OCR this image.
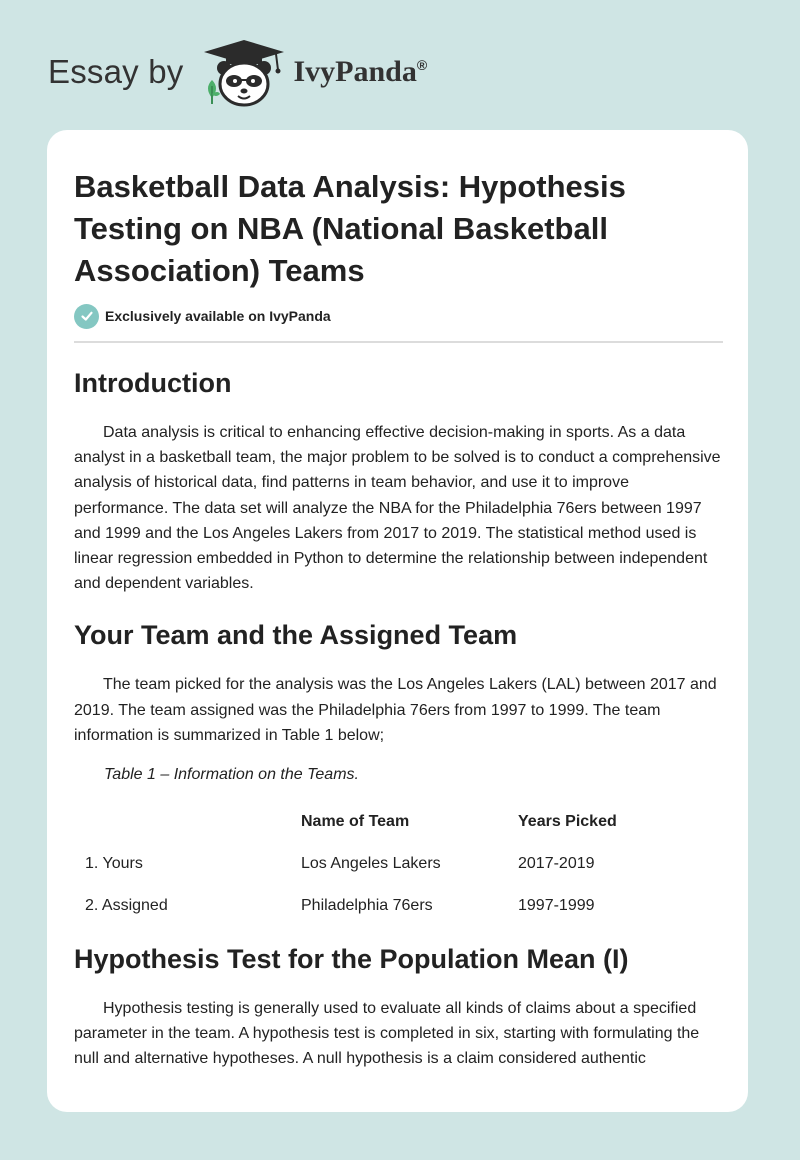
Essay by	IvyPanda®
Basketball Data Analysis: Hypothesis Testing on NBA (National Basketball Association) Teams
Exclusively available on IvyPanda
Introduction

Data analysis is critical to enhancing effective decision-making in sports. As a data analyst in a basketball team, the major problem to be solved is to conduct a comprehensive analysis of historical data, find patterns in team behavior, and use it to improve performance. The data set will analyze the NBA for the Philadelphia 76ers between 1997 and 1999 and the Los Angeles Lakers from 2017 to 2019. The statistical method used is linear regression embedded in Python to determine the relationship between independent and dependent variables.

Your Team and the Assigned Team

The team picked for the analysis was the Los Angeles Lakers (LAL) between 2017 and 2019. The team assigned was the Philadelphia 76ers from 1997 to 1999. The team information is summarized in Table 1 below;

Table 1 – Information on the Teams.
	Name of Team	Years Picked
1. Yours	Los Angeles Lakers	2017-2019
2. Assigned	Philadelphia 76ers	1997-1999
Hypothesis Test for the Population Mean (I)

Hypothesis testing is generally used to evaluate all kinds of claims about a specified parameter in the team. A hypothesis test is completed in six, starting with formulating the null and alternative hypotheses. A null hypothesis is a claim considered authentic
